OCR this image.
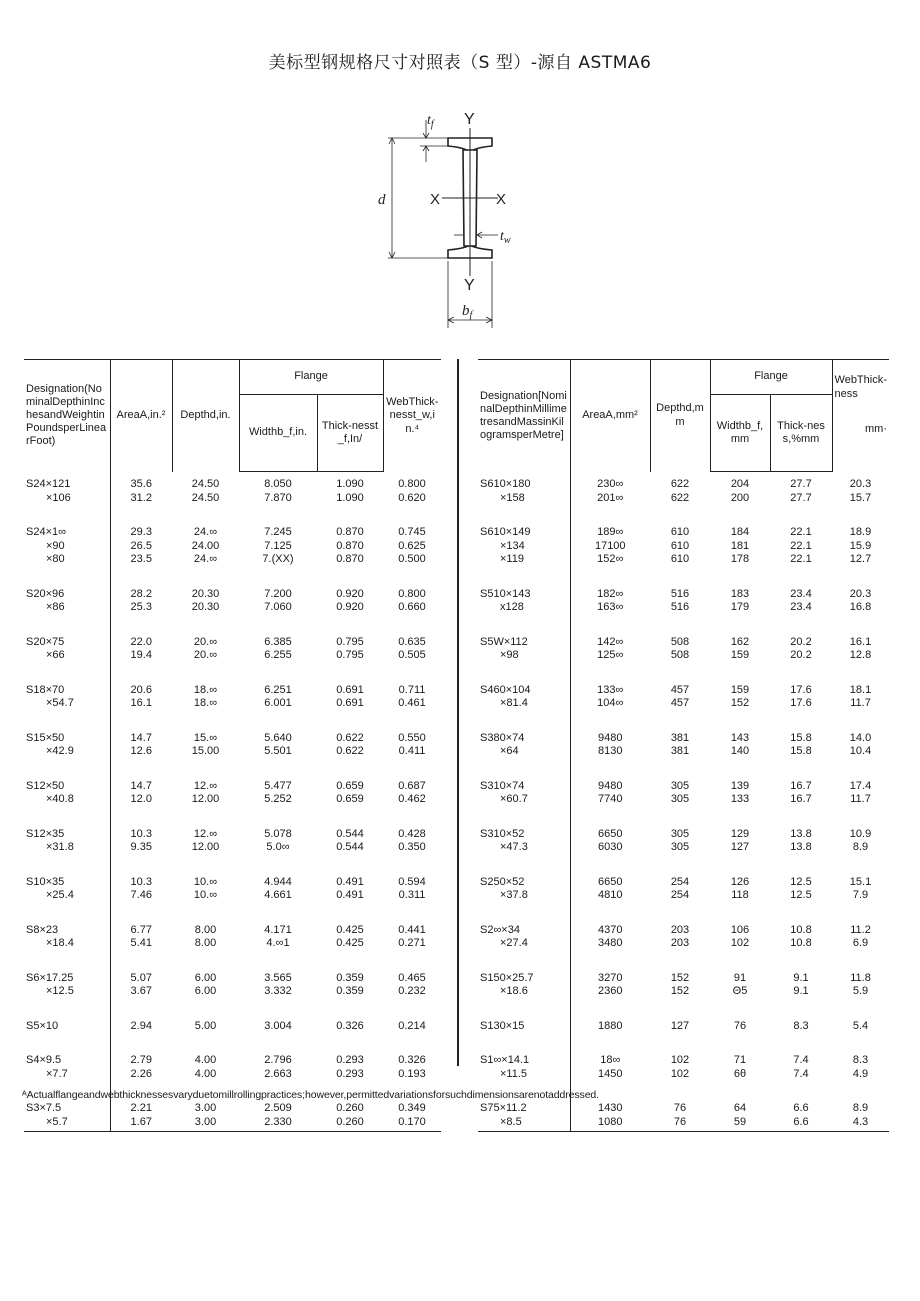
美标型钢规格尺寸对照表（S 型）-源自 ASTMA6
Y
Y
X	X
$t_f$
d
$t_w$
$b_f$
Designation(NominalDepthinInchesandWeightinPoundsperLinearFoot)	AreaA,in.²	Depthd,in.	Flange		WebThick-nesst_w,in.⁴
			Widthb_f,in.	Thick-nesst_f,In/	
S24×121	35.6	24.50	8.050	1.090	0.800
×106	31.2	24.50	7.870	1.090	0.620
S24×1∞	29.3	24.∞	7.245	0.870	0.745
×90	26.5	24.00	7.125	0.870	0.625
×80	23.5	24.∞	7.(XX)	0.870	0.500
S20×96	28.2	20.30	7.200	0.920	0.800
×86	25.3	20.30	7.060	0.920	0.660
S20×75	22.0	20.∞	6.385	0.795	0.635
×66	19.4	20.∞	6.255	0.795	0.505
S18×70	20.6	18.∞	6.251	0.691	0.711
×54.7	16.1	18.∞	6.001	0.691	0.461
S15×50	14.7	15.∞	5.640	0.622	0.550
×42.9	12.6	15.00	5.501	0.622	0.411
S12×50	14.7	12.∞	5.477	0.659	0.687
×40.8	12.0	12.00	5.252	0.659	0.462
S12×35	10.3	12.∞	5.078	0.544	0.428
×31.8	9.35	12.00	5.0∞	0.544	0.350
S10×35	10.3	10.∞	4.944	0.491	0.594
×25.4	7.46	10.∞	4.661	0.491	0.311
S8×23	6.77	8.00	4.171	0.425	0.441
×18.4	5.41	8.00	4.∞1	0.425	0.271
S6×17.25	5.07	6.00	3.565	0.359	0.465
×12.5	3.67	6.00	3.332	0.359	0.232
S5×10	2.94	5.00	3.004	0.326	0.214
S4×9.5	2.79	4.00	2.796	0.293	0.326
×7.7	2.26	4.00	2.663	0.293	0.193
S3×7.5	2.21	3.00	2.509	0.260	0.349
×5.7	1.67	3.00	2.330	0.260	0.170
Designation[NominalDepthinMillimetresandMassinKilogramsperMetre]	AreaA,mm²	Depthd,mm	Flange		WebThick-ness
mm·

			Widthb_f,mm	Thick-ness,%mm	
S610×180	230∞	622	204	27.7	20.3
×158	201∞	622	200	27.7	15.7
S610×149	189∞	610	184	22.1	18.9
×134	17100	610	181	22.1	15.9
×119	152∞	610	178	22.1	12.7
S510×143	182∞	516	183	23.4	20.3
x128	163∞	516	179	23.4	16.8
S5W×112	142∞	508	162	20.2	16.1
×98	125∞	508	159	20.2	12.8
S460×104	133∞	457	159	17.6	18.1
×81.4	104∞	457	152	17.6	11.7
S380×74	9480	381	143	15.8	14.0
×64	8130	381	140	15.8	10.4
S310×74	9480	305	139	16.7	17.4
×60.7	7740	305	133	16.7	11.7
S310×52	6650	305	129	13.8	10.9
×47.3	6030	305	127	13.8	8.9
S250×52	6650	254	126	12.5	15.1
×37.8	4810	254	118	12.5	7.9
S2∞×34	4370	203	106	10.8	11.2
×27.4	3480	203	102	10.8	6.9
S150×25.7	3270	152	91	9.1	11.8
×18.6	2360	152	Θ5	9.1	5.9
S130×15	1880	127	76	8.3	5.4
S1∞×14.1	18∞	102	71	7.4	8.3
×11.5	1450	102	6θ	7.4	4.9
S75×11.2	1430	76	64	6.6	8.9
×8.5	1080	76	59	6.6	4.3
ᴬActualflangeandwebthicknessesvaryduetomillrollingpractices;however,permittedvariationsforsuchdimensionsarenotaddressed.
